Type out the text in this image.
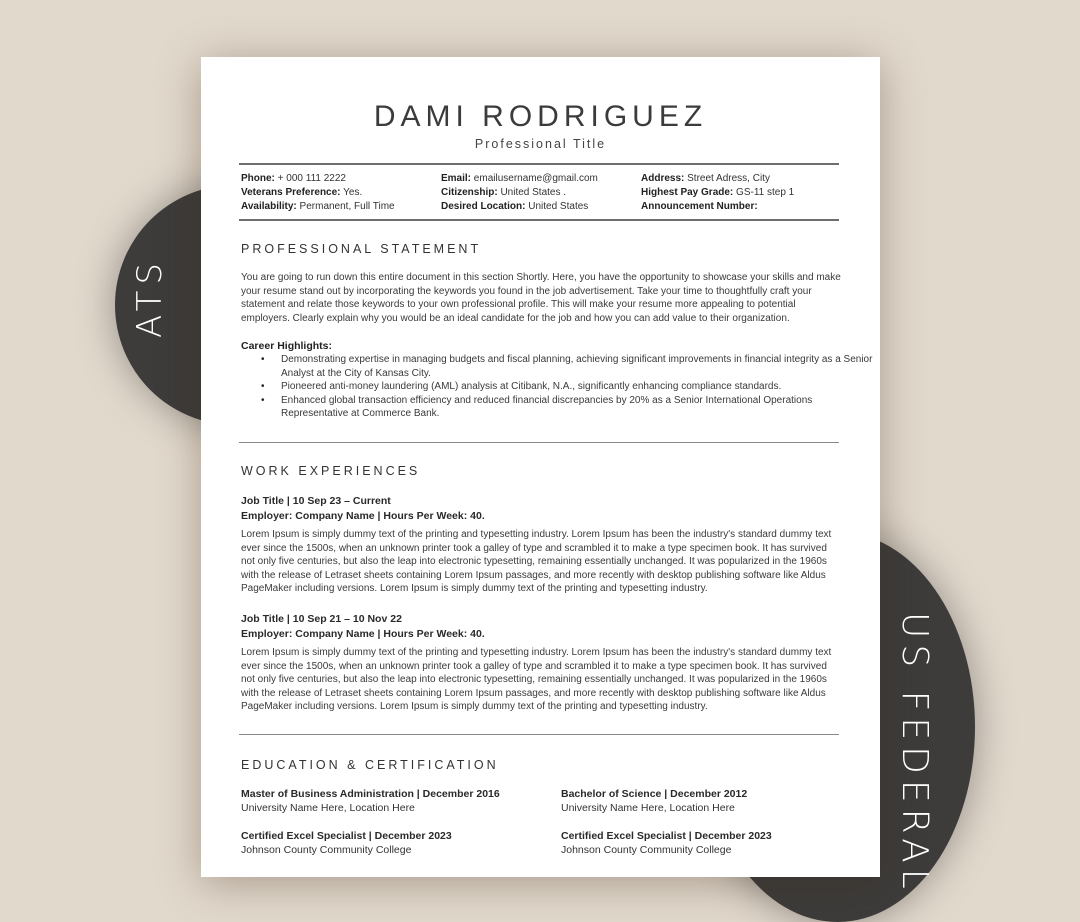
ATS
DAMI RODRIGUEZ
Professional Title
Phone: + 000 111 2222
Veterans Preference: Yes.
Availability: Permanent, Full Time
Email: emailusername@gmail.com
Citizenship: United States .
Desired Location: United States
Address: Street Adress, City
Highest Pay Grade: GS-11 step 1
Announcement Number:
PROFESSIONAL STATEMENT
You are going to run down this entire document in this section Shortly. Here, you have the opportunity to showcase your skills and make your resume stand out by incorporating the keywords you found in the job advertisement. Take your time to thoughtfully craft your statement and relate those keywords to your own professional profile. This will make your resume more appealing to potential employers. Clearly explain why you would be an ideal candidate for the job and how you can add value to their organization.
Career Highlights:
• Demonstrating expertise in managing budgets and fiscal planning, achieving significant improvements in financial integrity as a Senior Analyst at the City of Kansas City.
• Pioneered anti-money laundering (AML) analysis at Citibank, N.A., significantly enhancing compliance standards.
• Enhanced global transaction efficiency and reduced financial discrepancies by 20% as a Senior International Operations Representative at Commerce Bank.
WORK EXPERIENCES
Job Title | 10 Sep 23 – Current
Employer: Company Name | Hours Per Week: 40.
Lorem Ipsum is simply dummy text of the printing and typesetting industry. Lorem Ipsum has been the industry's standard dummy text ever since the 1500s, when an unknown printer took a galley of type and scrambled it to make a type specimen book. It has survived not only five centuries, but also the leap into electronic typesetting, remaining essentially unchanged. It was popularized in the 1960s with the release of Letraset sheets containing Lorem Ipsum passages, and more recently with desktop publishing software like Aldus PageMaker including versions. Lorem Ipsum is simply dummy text of the printing and typesetting industry.
Job Title | 10 Sep 21 – 10 Nov 22
Employer: Company Name | Hours Per Week: 40.
Lorem Ipsum is simply dummy text of the printing and typesetting industry. Lorem Ipsum has been the industry's standard dummy text ever since the 1500s, when an unknown printer took a galley of type and scrambled it to make a type specimen book. It has survived not only five centuries, but also the leap into electronic typesetting, remaining essentially unchanged. It was popularized in the 1960s with the release of Letraset sheets containing Lorem Ipsum passages, and more recently with desktop publishing software like Aldus PageMaker including versions. Lorem Ipsum is simply dummy text of the printing and typesetting industry.
EDUCATION & CERTIFICATION
Master of Business Administration | December 2016
University Name Here, Location Here
Bachelor of Science | December 2012
University Name Here, Location Here
Certified Excel Specialist | December 2023
Johnson County Community College
Certified Excel Specialist | December 2023
Johnson County Community College	US FEDERAL
